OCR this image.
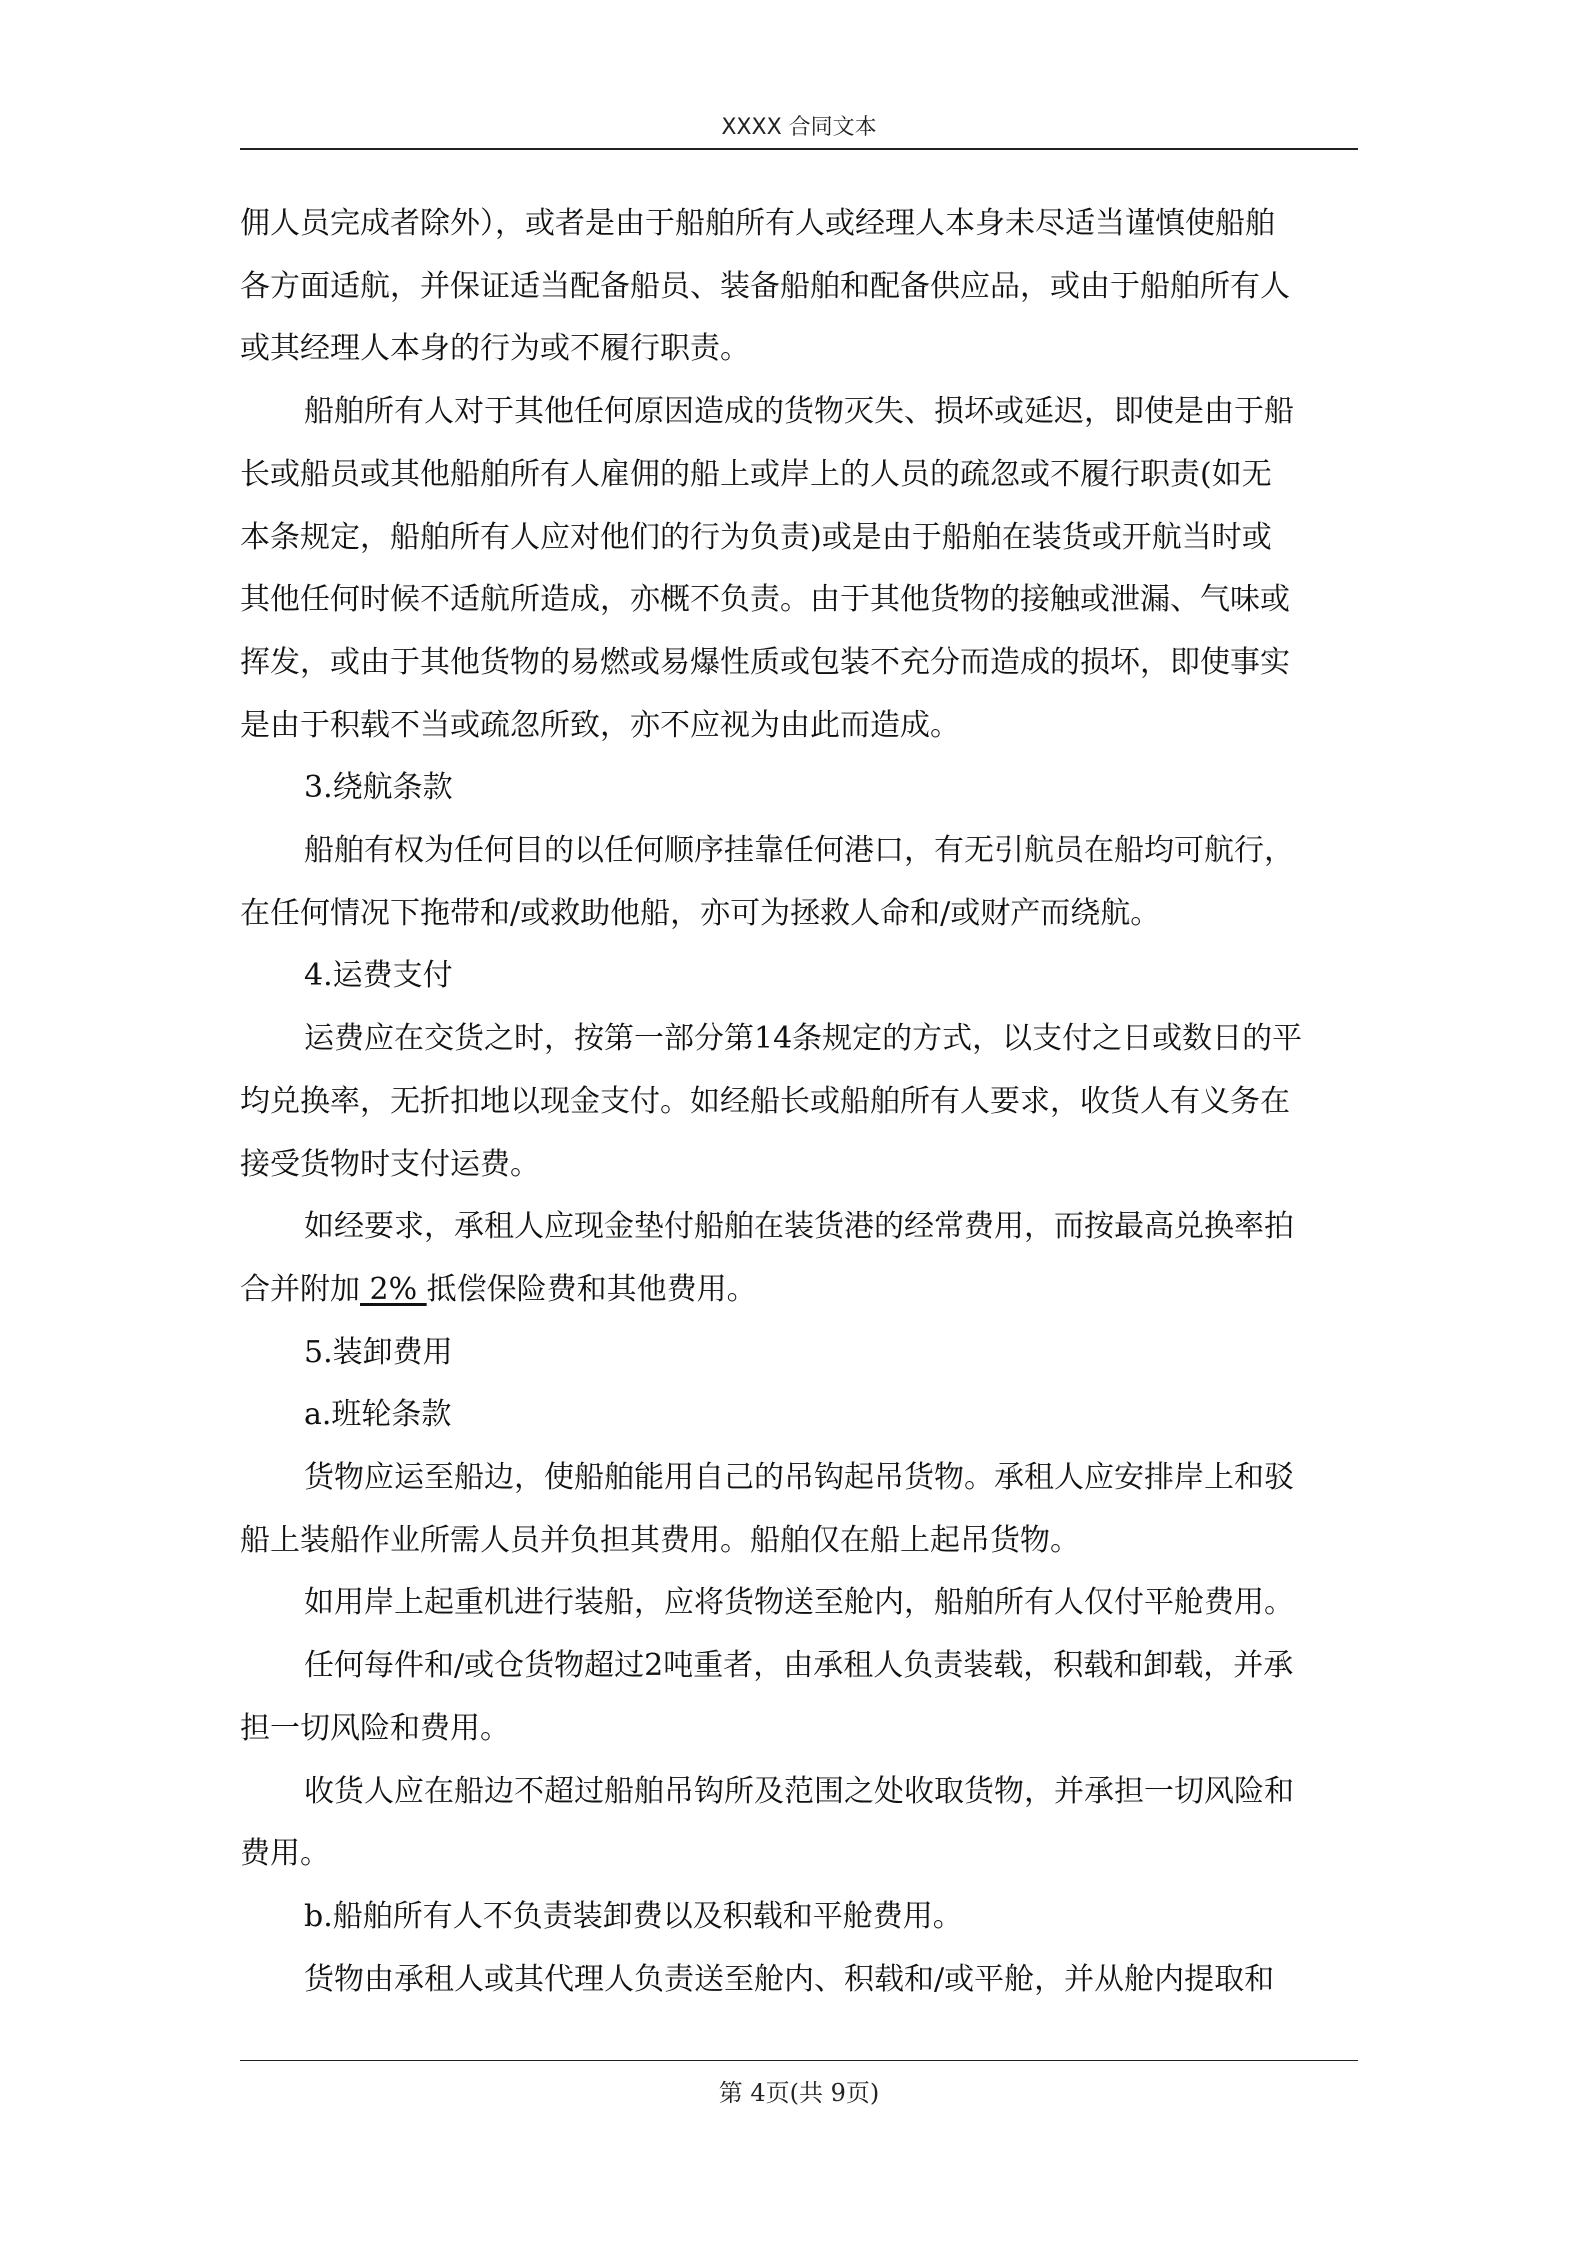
XXXX 合同文本

佣人员完成者除外），或者是由于船舶所有人或经理人本身未尽适当谨慎使船舶

各方面适航，并保证适当配备船员、装备船舶和配备供应品，或由于船舶所有人

或其经理人本身的行为或不履行职责。

船舶所有人对于其他任何原因造成的货物灭失、损坏或延迟，即使是由于船

长或船员或其他船舶所有人雇佣的船上或岸上的人员的疏忽或不履行职责(如无

本条规定，船舶所有人应对他们的行为负责)或是由于船舶在装货或开航当时或

其他任何时候不适航所造成，亦概不负责。由于其他货物的接触或泄漏、气味或

挥发，或由于其他货物的易燃或易爆性质或包装不充分而造成的损坏，即使事实

是由于积载不当或疏忽所致，亦不应视为由此而造成。

3.绕航条款

船舶有权为任何目的以任何顺序挂靠任何港口，有无引航员在船均可航行，

在任何情况下拖带和/或救助他船，亦可为拯救人命和/或财产而绕航。

4.运费支付

运费应在交货之时，按第一部分第14条规定的方式，以支付之日或数日的平

均兑换率，无折扣地以现金支付。如经船长或船舶所有人要求，收货人有义务在

接受货物时支付运费。

如经要求，承租人应现金垫付船舶在装货港的经常费用，而按最高兑换率拍

合并附加 2% 抵偿保险费和其他费用。

5.装卸费用

a.班轮条款

货物应运至船边，使船舶能用自己的吊钩起吊货物。承租人应安排岸上和驳

船上装船作业所需人员并负担其费用。船舶仅在船上起吊货物。

如用岸上起重机进行装船，应将货物送至舱内，船舶所有人仅付平舱费用。

任何每件和/或仓货物超过2吨重者，由承租人负责装载，积载和卸载，并承

担一切风险和费用。

收货人应在船边不超过船舶吊钩所及范围之处收取货物，并承担一切风险和

费用。

b.船舶所有人不负责装卸费以及积载和平舱费用。

货物由承租人或其代理人负责送至舱内、积载和/或平舱，并从舱内提取和

第 4页(共 9页)
